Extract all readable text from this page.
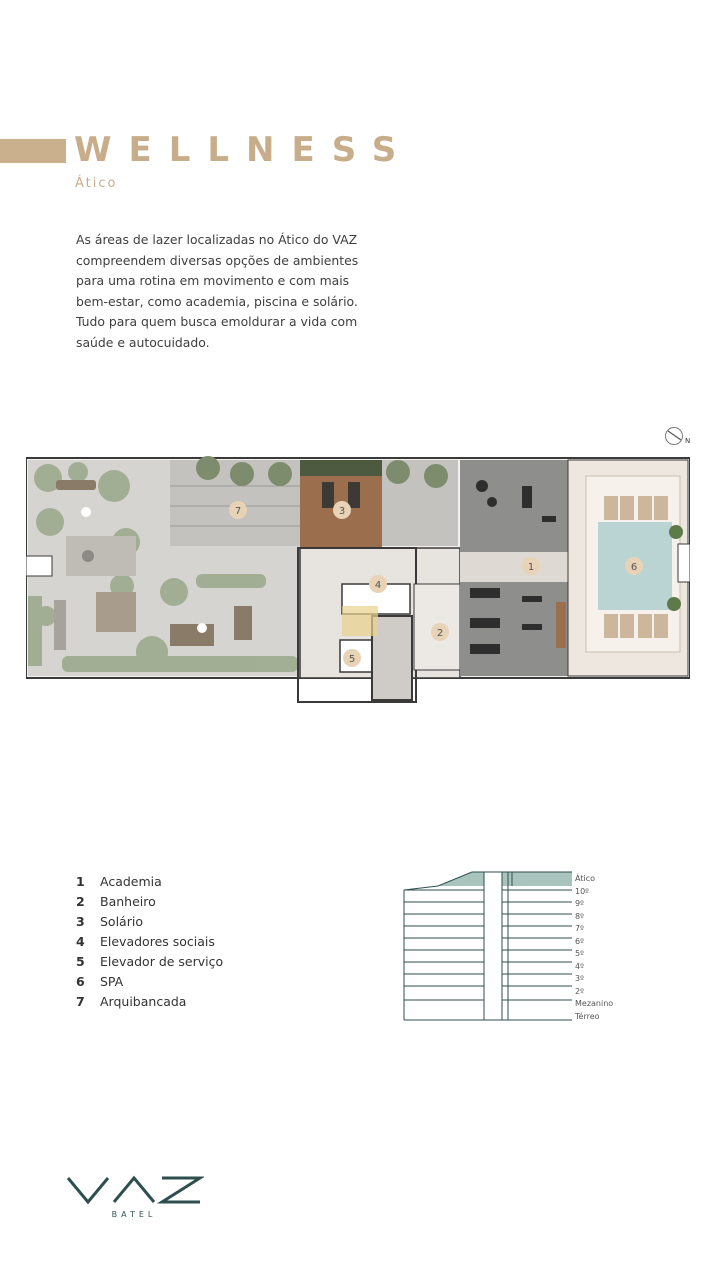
WELLNESS
Ático

As áreas de lazer localizadas no Ático do VAZ compreendem diversas opções de ambientes para uma rotina em movimento e com mais bem-estar, como academia, piscina e solário. Tudo para quem busca emoldurar a vida com saúde e autocuidado.

N
1
2
3
4
5
6
7
1	Academia
2	Banheiro
3	Solário
4	Elevadores sociais
5	Elevador de serviço
6	SPA
7	Arquibancada
Ático
10º
9º
8º
7º
6º
5º
4º
3º
2º
Mezanino
Térreo
BATEL
